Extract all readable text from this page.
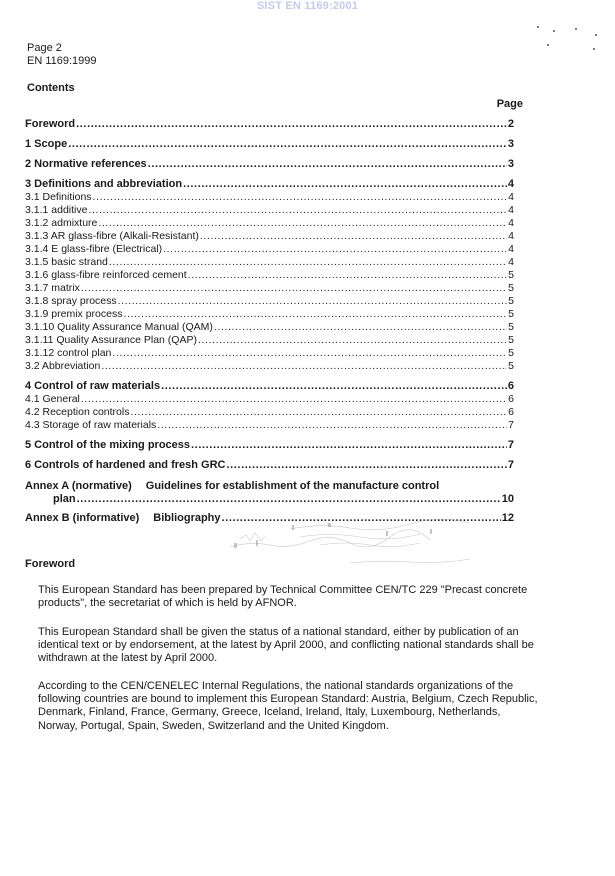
SIST EN 1169:2001
Page 2
EN 1169:1999
Contents
Page
Foreword .....	2
1 Scope .....	3
2 Normative references .....	3
3 Definitions and abbreviation .....	4
3.1 Definitions .....	4
3.1.1 additive .....	4
3.1.2 admixture .....	4
3.1.3 AR glass-fibre (Alkali-Resistant) .....	4
3.1.4 E glass-fibre (Electrical) .....	4
3.1.5 basic strand .....	4
3.1.6 glass-fibre reinforced cement .....	5
3.1.7 matrix .....	5
3.1.8 spray process .....	5
3.1.9 premix process .....	5
3.1.10 Quality Assurance Manual (QAM) .....	5
3.1.11 Quality Assurance Plan (QAP) .....	5
3.1.12 control plan .....	5
3.2 Abbreviation .....	5
4 Control of raw materials .....	6
4.1 General .....	6
4.2 Reception controls .....	6
4.3 Storage of raw materials .....	7
5 Control of the mixing process .....	7
6 Controls of hardened and fresh GRC .....	7
Annex A (normative) Guidelines for establishment of the manufacture control
plan .....	10
Annex B (informative) Bibliography .....	12
Foreword
This European Standard has been prepared by Technical Committee CEN/TC 229 "Precast concrete products", the secretariat of which is held by AFNOR.
This European Standard shall be given the status of a national standard, either by publication of an identical text or by endorsement, at the latest by April 2000, and conflicting national standards shall be withdrawn at the latest by April 2000.
According to the CEN/CENELEC Internal Regulations, the national standards organizations of the following countries are bound to implement this European Standard: Austria, Belgium, Czech Republic, Denmark, Finland, France, Germany, Greece, Iceland, Ireland, Italy, Luxembourg, Netherlands, Norway, Portugal, Spain, Sweden, Switzerland and the United Kingdom.
